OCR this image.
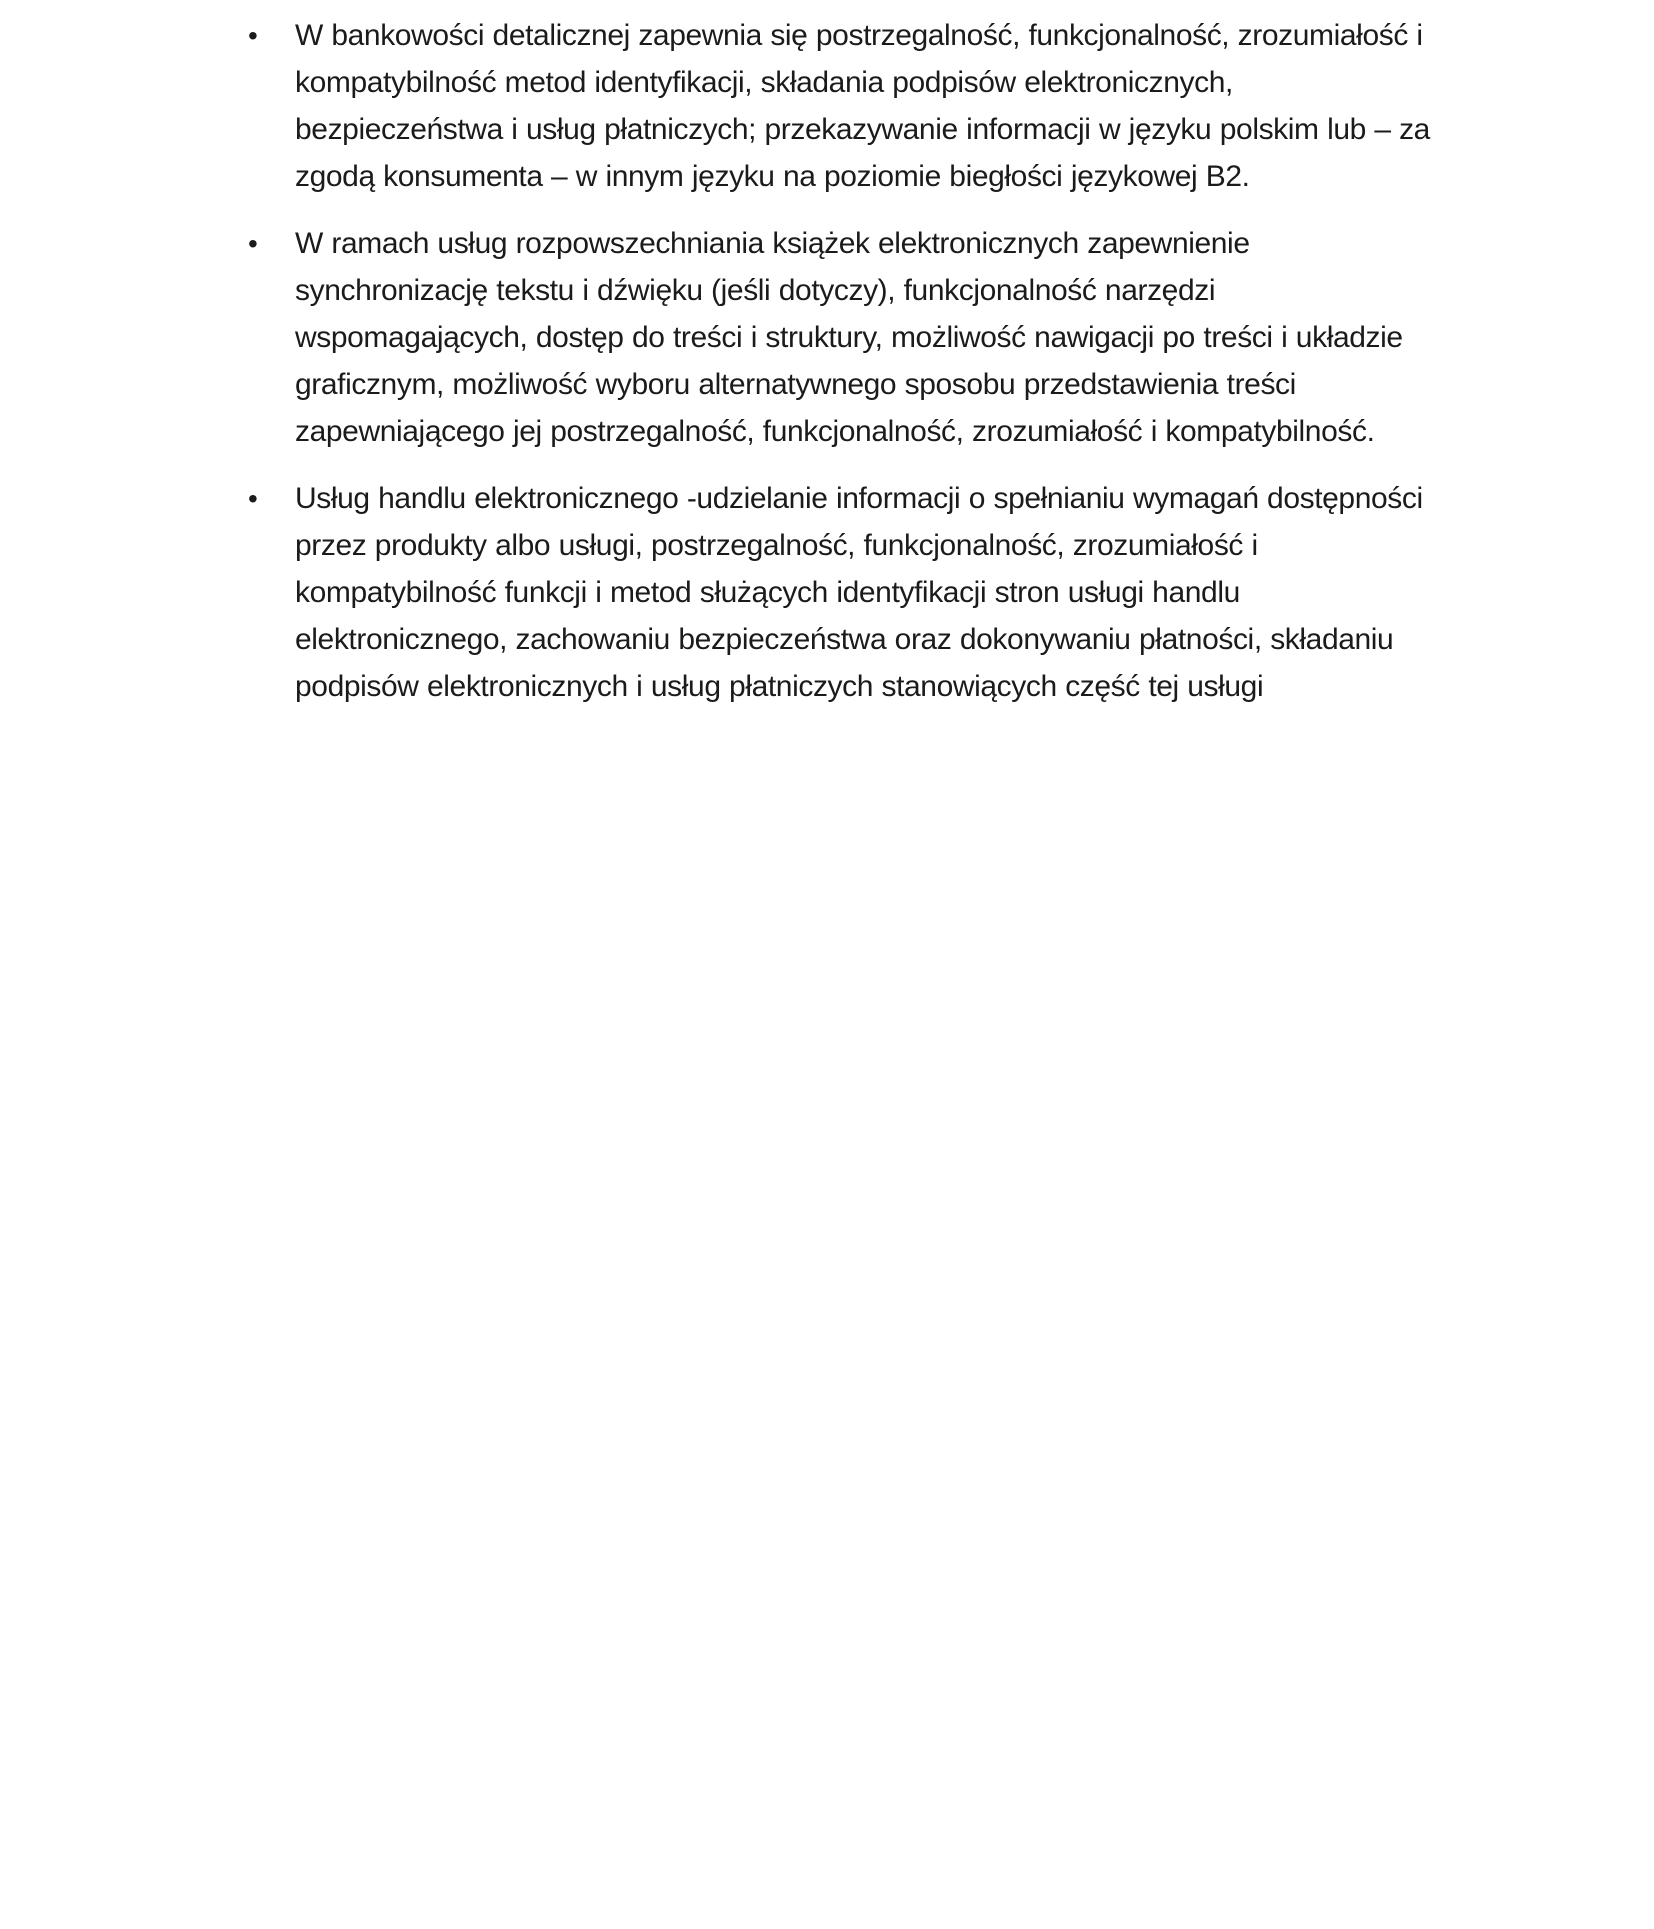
•	W bankowości detalicznej zapewnia się postrzegalność, funkcjonalność, zrozumiałość i kompatybilność metod identyfikacji, składania podpisów elektronicznych, bezpieczeństwa i usług płatniczych; przekazywanie informacji w języku polskim lub – za zgodą konsumenta – w innym języku na poziomie biegłości językowej B2.
•	W ramach usług rozpowszechniania książek elektronicznych zapewnienie synchronizację tekstu i dźwięku (jeśli dotyczy), funkcjonalność narzędzi wspomagających, dostęp do treści i struktury, możliwość nawigacji po treści i układzie graficznym, możliwość wyboru alternatywnego sposobu przedstawienia treści zapewniającego jej postrzegalność, funkcjonalność, zrozumiałość i kompatybilność.
•	Usług handlu elektronicznego -udzielanie informacji o spełnianiu wymagań dostępności przez produkty albo usługi, postrzegalność, funkcjonalność, zrozumiałość i kompatybilność funkcji i metod służących identyfikacji stron usługi handlu elektronicznego, zachowaniu bezpieczeństwa oraz dokonywaniu płatności, składaniu podpisów elektronicznych i usług płatniczych stanowiących część tej usługi
